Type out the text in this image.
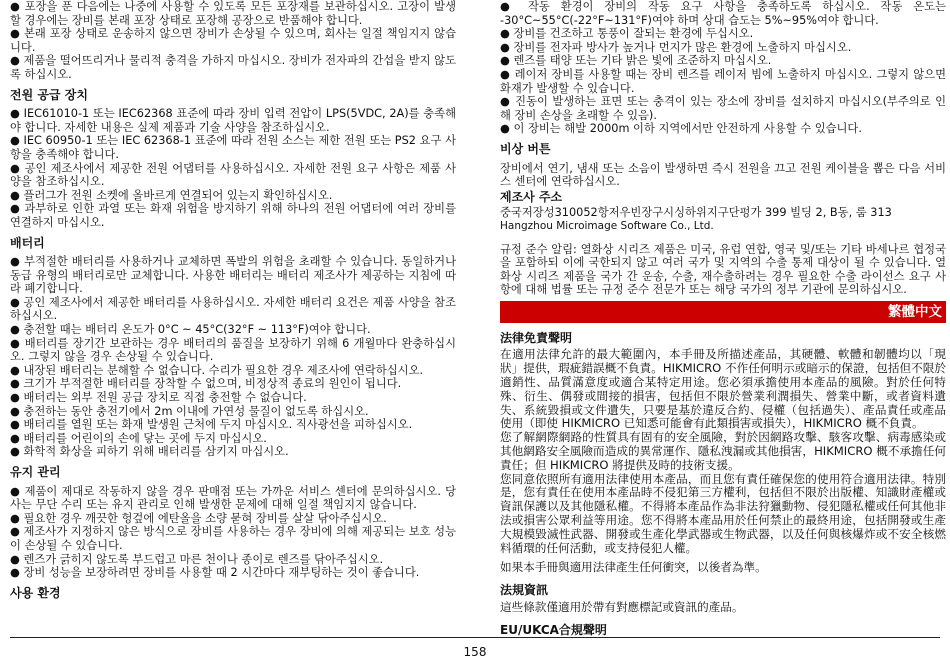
● 포장을 푼 다음에는 나중에 사용할 수 있도록 모든 포장재를 보관하십시오. 고장이 발생할 경우에는 장비를 본래 포장 상태로 포장해 공장으로 반품해야 합니다.

● 본래 포장 상태로 운송하지 않으면 장비가 손상될 수 있으며, 회사는 일절 책임지지 않습니다.

● 제품을 떨어뜨리거나 물리적 충격을 가하지 마십시오. 장비가 전자파의 간섭을 받지 않도록 하십시오.

전원 공급 장치

● IEC61010-1 또는 IEC62368 표준에 따라 장비 입력 전압이 LPS(5VDC, 2A)를 충족해야 합니다. 자세한 내용은 실제 제품과 기술 사양을 참조하십시오.

● IEC 60950-1 또는 IEC 62368-1 표준에 따라 전원 소스는 제한 전원 또는 PS2 요구 사항을 충족해야 합니다.

● 공인 제조사에서 제공한 전원 어댑터를 사용하십시오. 자세한 전원 요구 사항은 제품 사양을 참조하십시오.

● 플러그가 전원 소켓에 올바르게 연결되어 있는지 확인하십시오.

● 과부하로 인한 과열 또는 화재 위험을 방지하기 위해 하나의 전원 어댑터에 여러 장비를 연결하지 마십시오.

배터리

● 부적절한 배터리를 사용하거나 교체하면 폭발의 위험을 초래할 수 있습니다. 동일하거나 동급 유형의 배터리로만 교체합니다. 사용한 배터리는 배터리 제조사가 제공하는 지침에 따라 폐기합니다.

● 공인 제조사에서 제공한 배터리를 사용하십시오. 자세한 배터리 요건은 제품 사양을 참조하십시오.

● 충전할 때는 배터리 온도가 0°C ~ 45°C(32°F ~ 113°F)여야 합니다.

● 배터리를 장기간 보관하는 경우 배터리의 품질을 보장하기 위해 6 개월마다 완충하십시오. 그렇지 않을 경우 손상될 수 있습니다.

● 내장된 배터리는 분해할 수 없습니다. 수리가 필요한 경우 제조사에 연락하십시오.

● 크기가 부적절한 배터리를 장착할 수 없으며, 비정상적 종료의 원인이 됩니다.

● 배터리는 외부 전원 공급 장치로 직접 충전할 수 없습니다.

● 충전하는 동안 충전기에서 2m 이내에 가연성 물질이 없도록 하십시오.

● 배터리를 열원 또는 화재 발생원 근처에 두지 마십시오. 직사광선을 피하십시오.

● 배터리를 어린이의 손에 닿는 곳에 두지 마십시오.

● 화학적 화상을 피하기 위해 배터리를 삼키지 마십시오.

유지 관리

● 제품이 제대로 작동하지 않을 경우 판매점 또는 가까운 서비스 센터에 문의하십시오. 당사는 무단 수리 또는 유지 관리로 인해 발생한 문제에 대해 일절 책임지지 않습니다.

● 필요한 경우 깨끗한 헝겊에 에탄올을 소량 묻혀 장비를 살살 닦아주십시오.

● 제조사가 지정하지 않은 방식으로 장비를 사용하는 경우 장비에 의해 제공되는 보호 성능이 손상될 수 있습니다.

● 렌즈가 긁히지 않도록 부드럽고 마른 천이나 종이로 렌즈를 닦아주십시오.

● 장비 성능을 보장하려면 장비를 사용할 때 2 시간마다 재부팅하는 것이 좋습니다.

사용 환경

● 작동 환경이 장비의 작동 요구 사항을 충족하도록 하십시오. 작동 온도는 -30°C~55°C(-22°F~131°F)여야 하며 상대 습도는 5%~95%여야 합니다.

● 장비를 건조하고 통풍이 잘되는 환경에 두십시오.

● 장비를 전자파 방사가 높거나 먼지가 많은 환경에 노출하지 마십시오.

● 렌즈를 태양 또는 기타 밝은 빛에 조준하지 마십시오.

● 레이저 장비를 사용할 때는 장비 렌즈를 레이저 빔에 노출하지 마십시오. 그렇지 않으면 화재가 발생할 수 있습니다.

● 진동이 발생하는 표면 또는 충격이 있는 장소에 장비를 설치하지 마십시오(부주의로 인해 장비 손상을 초래할 수 있음).

● 이 장비는 해발 2000m 이하 지역에서만 안전하게 사용할 수 있습니다.

비상 버튼

장비에서 연기, 냄새 또는 소음이 발생하면 즉시 전원을 끄고 전원 케이블을 뽑은 다음 서비스 센터에 연락하십시오.

제조사 주소

중국저장성310052항저우빈장구시싱하위지구단펑가 399 빌딩 2, B동, 룸 313

Hangzhou Microimage Software Co., Ltd.

규정 준수 알림: 열화상 시리즈 제품은 미국, 유럽 연합, 영국 및/또는 기타 바세나르 협정국을 포함하되 이에 국한되지 않고 여러 국가 및 지역의 수출 통제 대상이 될 수 있습니다. 열화상 시리즈 제품을 국가 간 운송, 수출, 재수출하려는 경우 필요한 수출 라이선스 요구 사항에 대해 법률 또는 규정 준수 전문가 또는 해당 국가의 정부 기관에 문의하십시오.

繁體中文
法律免責聲明

在適用法律允許的最大範圍內，本手冊及所描述產品，其硬體、軟體和韌體均以「現狀」提供，瑕疵錯誤概不負責。HIKMICRO 不作任何明示或暗示的保證，包括但不限於適銷性、品質滿意度或適合某特定用途。您必須承擔使用本產品的風險。對於任何特殊、衍生、偶發或間接的損害，包括但不限於營業利潤損失、營業中斷，或者資料遺失、系統毀損或文件遺失，只要是基於違反合約、侵權（包括過失）、產品責任或產品使用（即使 HIKMICRO 已知悉可能會有此類損害或損失），HIKMICRO 概不負責。

您了解網際網路的性質具有固有的安全風險，對於因網路攻擊、駭客攻擊、病毒感染或其他網路安全風險而造成的異常運作、隱私洩漏或其他損害，HIKMICRO 概不承擔任何責任；但 HIKMICRO 將提供及時的技術支援。

您同意依照所有適用法律使用本產品，而且您有責任確保您的使用符合適用法律。特別是，您有責任在使用本產品時不侵犯第三方權利，包括但不限於出版權、知識財產權或資訊保護以及其他隱私權。不得將本產品作為非法狩獵動物、侵犯隱私權或任何其他非法或損害公眾利益等用途。您不得將本產品用於任何禁止的最終用途，包括開發或生產大規模毀滅性武器、開發或生產化學武器或生物武器，以及任何與核爆炸或不安全核燃料循環的任何活動，或支持侵犯人權。

如果本手冊與適用法律產生任何衝突，以後者為準。

法規資訊

這些條款僅適用於帶有對應標記或資訊的產品。

EU/UKCA合規聲明
158
